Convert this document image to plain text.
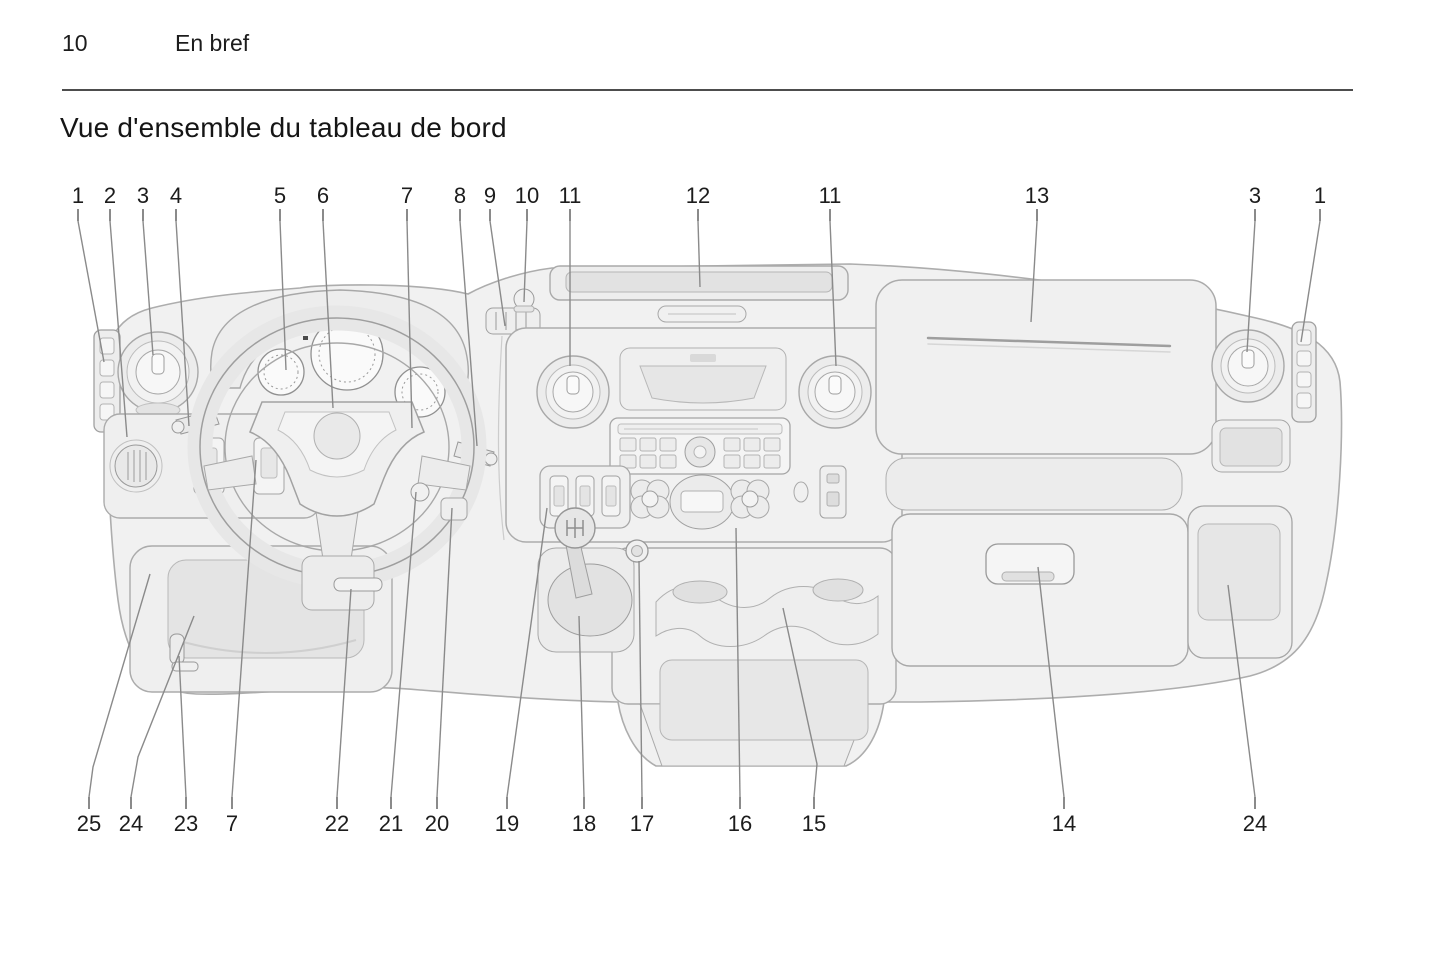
10	En bref
Vue d'ensemble du tableau de bord
1 2 3 4	5 6	7 8 9 10 11	12	11	13	3 1
25 24 23 7	22 21 20 19 18 17	16 15	14	24
